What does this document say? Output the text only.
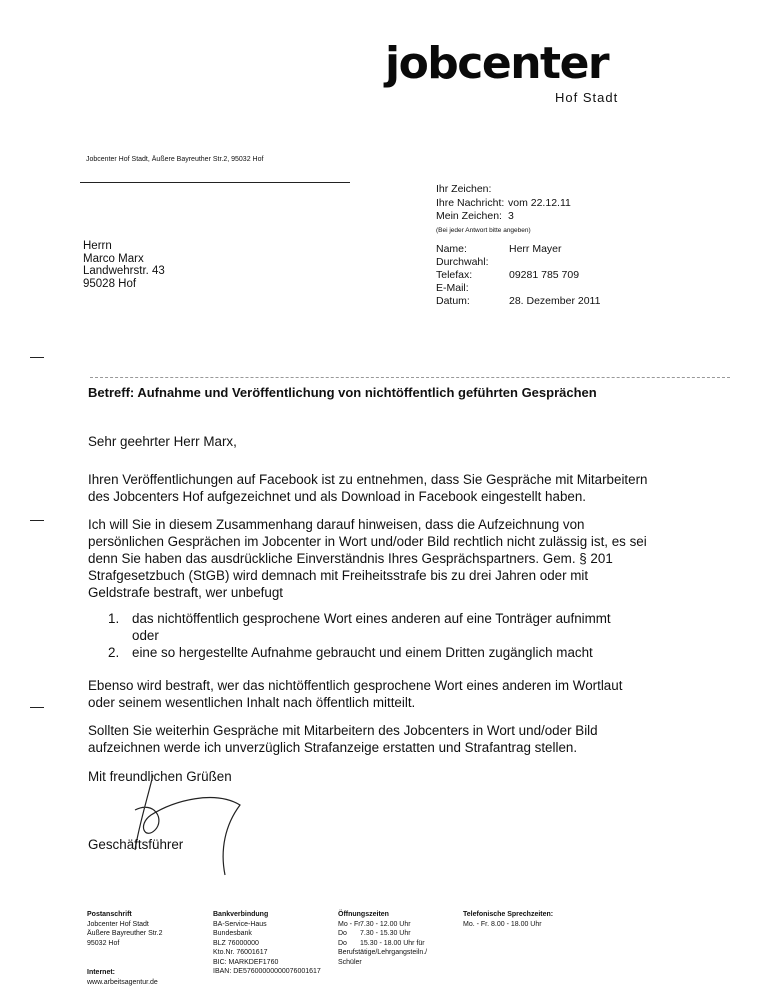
jobcenter
Hof Stadt
Jobcenter Hof Stadt, Äußere Bayreuther Str.2, 95032 Hof
Ihr Zeichen:
Ihre Nachricht: vom 22.12.11
Mein Zeichen: 3
(Bei jeder Antwort bitte angeben)
Herrn
Marco Marx
Landwehrstr. 43
95028 Hof
Name:	Herr Mayer
Durchwahl:
Telefax:	09281 785 709
E-Mail:
Datum:	28. Dezember 2011
Betreff: Aufnahme und Veröffentlichung von nichtöffentlich geführten Gesprächen
Sehr geehrter Herr Marx,
Ihren Veröffentlichungen auf Facebook ist zu entnehmen, dass Sie Gespräche mit Mitarbeitern des Jobcenters Hof aufgezeichnet und als Download in Facebook eingestellt haben.
Ich will Sie in diesem Zusammenhang darauf hinweisen, dass die Aufzeichnung von persönlichen Gesprächen im Jobcenter in Wort und/oder Bild rechtlich nicht zulässig ist, es sei denn Sie haben das ausdrückliche Einverständnis Ihres Gesprächspartners. Gem. § 201 Strafgesetzbuch (StGB) wird demnach mit Freiheitsstrafe bis zu drei Jahren oder mit Geldstrafe bestraft, wer unbefugt
1. das nichtöffentlich gesprochene Wort eines anderen auf eine Tonträger aufnimmt oder
2. eine so hergestellte Aufnahme gebraucht und einem Dritten zugänglich macht
Ebenso wird bestraft, wer das nichtöffentlich gesprochene Wort eines anderen im Wortlaut oder seinem wesentlichen Inhalt nach öffentlich mitteilt.
Sollten Sie weiterhin Gespräche mit Mitarbeitern des Jobcenters in Wort und/oder Bild aufzeichnen werde ich unverzüglich Strafanzeige erstatten und Strafantrag stellen.
Mit freundlichen Grüßen
Geschäftsführer
Postanschrift
Jobcenter Hof Stadt
Äußere Bayreuther Str.2
95032 Hof
Internet:
www.arbeitsagentur.de
Bankverbindung
BA-Service-Haus
Bundesbank
BLZ 76000000
Kto.Nr. 76001617
BIC: MARKDEF1760
IBAN: DE57600000000076001617
Öffnungszeiten
Mo - Fr 7.30 - 12.00 Uhr
Do	7.30 - 15.30 Uhr
Do	15.30 - 18.00 Uhr für
Berufstätige/Lehrgangsteiln./
Schüler
Telefonische Sprechzeiten:
Mo. - Fr. 8.00 - 18.00 Uhr
